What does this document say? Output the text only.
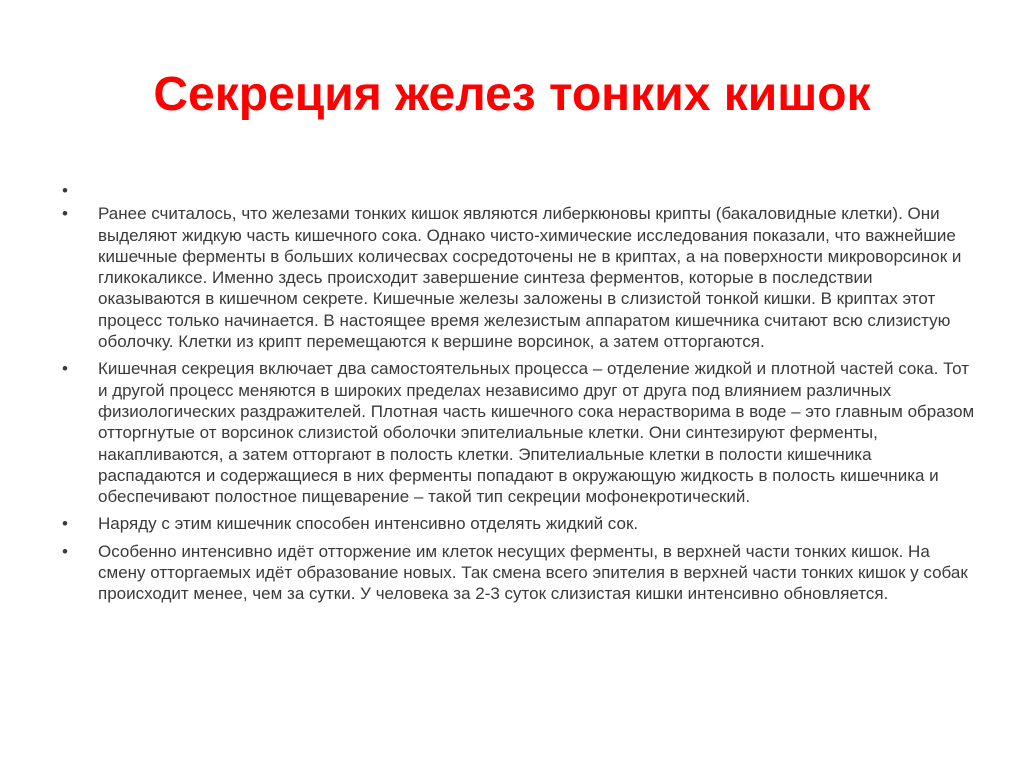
Секреция желез тонких кишок
•
•	Ранее считалось, что железами тонких кишок являются либеркюновы крипты (бакаловидные клетки). Они выделяют жидкую часть кишечного сока. Однако чисто-химические исследования показали, что важнейшие кишечные ферменты в больших количесвах сосредоточены не в криптах, а на поверхности микроворсинок и гликокаликсе. Именно здесь происходит завершение синтеза ферментов, которые в последствии оказываются в кишечном секрете. Кишечные железы заложены в слизистой тонкой кишки. В криптах этот процесс только начинается. В настоящее время железистым аппаратом кишечника считают всю слизистую оболочку. Клетки из крипт перемещаются к вершине ворсинок, а затем отторгаются.
•	Кишечная секреция включает два самостоятельных процесса – отделение жидкой и плотной частей сока. Тот и другой процесс меняются в широких пределах независимо друг от друга под влиянием различных физиологических раздражителей. Плотная часть кишечного сока нерастворима в воде – это главным образом отторгнутые от ворсинок слизистой оболочки эпителиальные клетки. Они синтезируют ферменты, накапливаются, а затем отторгают в полость клетки. Эпителиальные клетки в полости кишечника распадаются и содержащиеся в них ферменты попадают в окружающую жидкость в полость кишечника и обеспечивают полостное пищеварение – такой тип секреции мофонекротический.
•	Наряду с этим кишечник способен интенсивно отделять жидкий сок.
•	Особенно интенсивно идёт отторжение им клеток несущих ферменты, в верхней части тонких кишок. На смену отторгаемых идёт образование новых. Так смена всего эпителия в верхней части тонких кишок у собак происходит менее, чем за сутки. У человека за 2-3 суток слизистая кишки интенсивно обновляется.
